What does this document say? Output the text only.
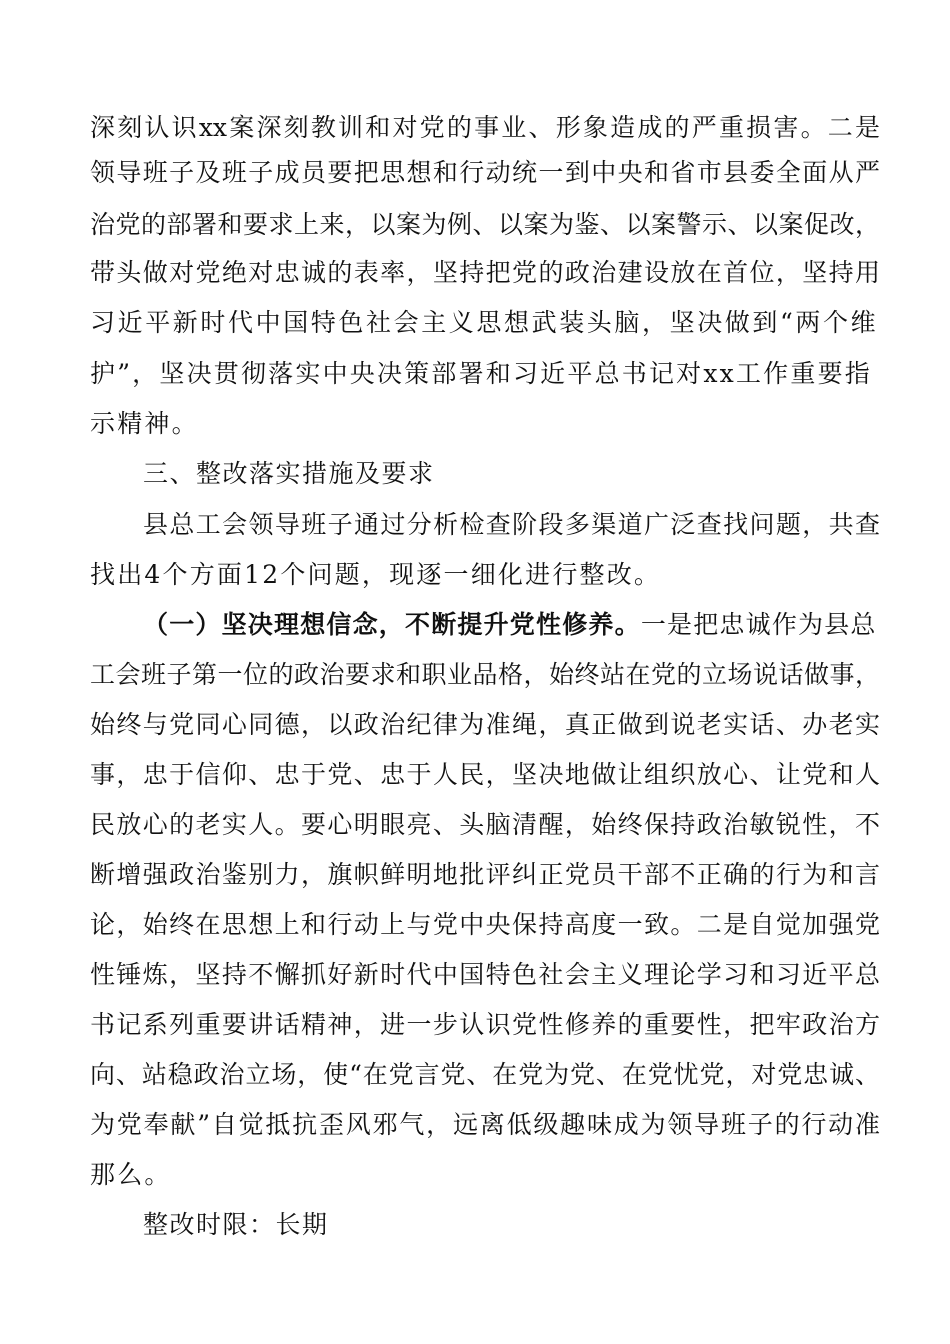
深刻认识xx案深刻教训和对党的事业、形象造成的严重损害。二是
领导班子及班子成员要把思想和行动统一到中央和省市县委全面从严
治党的部署和要求上来，以案为例、以案为鉴、以案警示、以案促改，
带头做对党绝对忠诚的表率，坚持把党的政治建设放在首位，坚持用
习近平新时代中国特色社会主义思想武装头脑，坚决做到“两个维
护”，坚决贯彻落实中央决策部署和习近平总书记对xx工作重要指
示精神。
三、整改落实措施及要求
县总工会领导班子通过分析检查阶段多渠道广泛查找问题，共查
找出4个方面12个问题，现逐一细化进行整改。
（一）坚决理想信念，不断提升党性修养。一是把忠诚作为县总
工会班子第一位的政治要求和职业品格，始终站在党的立场说话做事，
始终与党同心同德，以政治纪律为准绳，真正做到说老实话、办老实
事，忠于信仰、忠于党、忠于人民，坚决地做让组织放心、让党和人
民放心的老实人。要心明眼亮、头脑清醒，始终保持政治敏锐性，不
断增强政治鉴别力，旗帜鲜明地批评纠正党员干部不正确的行为和言
论，始终在思想上和行动上与党中央保持高度一致。二是自觉加强党
性锤炼，坚持不懈抓好新时代中国特色社会主义理论学习和习近平总
书记系列重要讲话精神，进一步认识党性修养的重要性，把牢政治方
向、站稳政治立场，使“在党言党、在党为党、在党忧党，对党忠诚、
为党奉献”自觉抵抗歪风邪气，远离低级趣味成为领导班子的行动准
那么。
整改时限：长期
